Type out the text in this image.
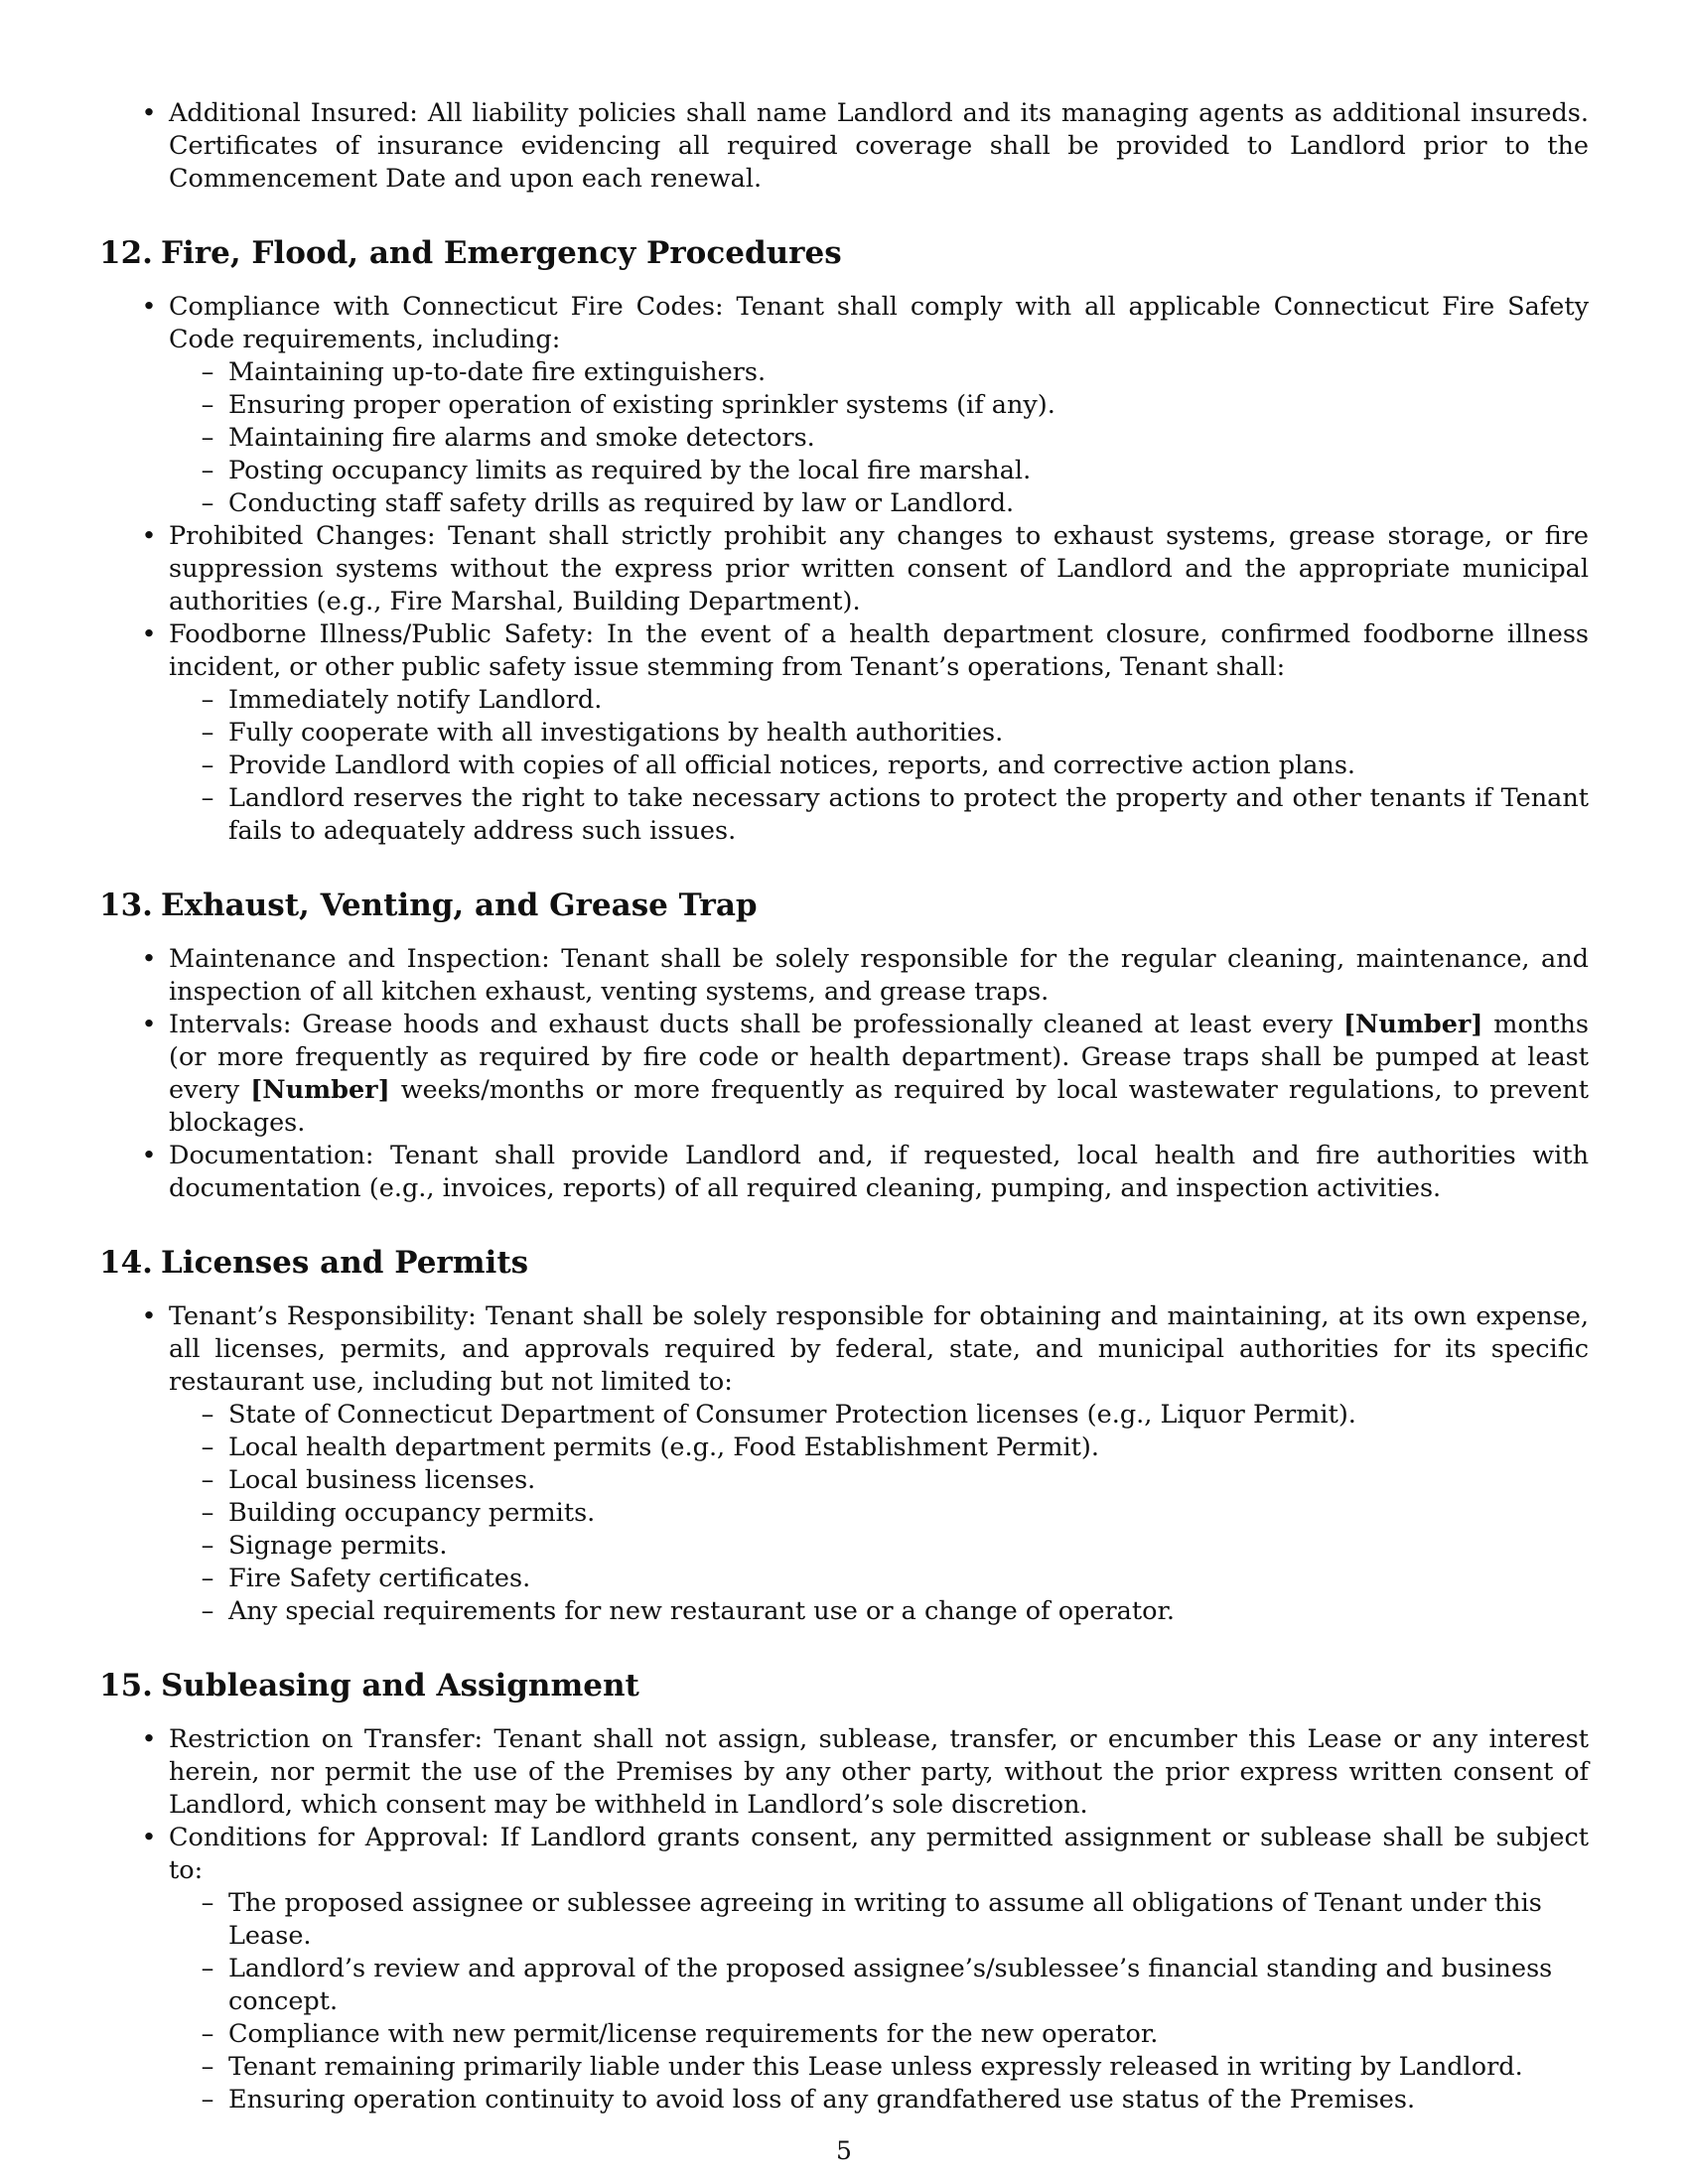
• Additional Insured: All liability policies shall name Landlord and its managing agents as additional insureds. Certificates of insurance evidencing all required coverage shall be provided to Landlord prior to the Commencement Date and upon each renewal.
12. Fire, Flood, and Emergency Procedures
• Compliance with Connecticut Fire Codes: Tenant shall comply with all applicable Connecticut Fire Safety Code requirements, including:
– Maintaining up-to-date fire extinguishers.
– Ensuring proper operation of existing sprinkler systems (if any).
– Maintaining fire alarms and smoke detectors.
– Posting occupancy limits as required by the local fire marshal.
– Conducting staff safety drills as required by law or Landlord.
• Prohibited Changes: Tenant shall strictly prohibit any changes to exhaust systems, grease storage, or fire suppression systems without the express prior written consent of Landlord and the appropriate municipal authorities (e.g., Fire Marshal, Building Department).
• Foodborne Illness/Public Safety: In the event of a health department closure, confirmed foodborne illness incident, or other public safety issue stemming from Tenant’s operations, Tenant shall:
– Immediately notify Landlord.
– Fully cooperate with all investigations by health authorities.
– Provide Landlord with copies of all official notices, reports, and corrective action plans.
– Landlord reserves the right to take necessary actions to protect the property and other tenants if Tenant fails to adequately address such issues.
13. Exhaust, Venting, and Grease Trap
• Maintenance and Inspection: Tenant shall be solely responsible for the regular cleaning, maintenance, and inspection of all kitchen exhaust, venting systems, and grease traps.
• Intervals: Grease hoods and exhaust ducts shall be professionally cleaned at least every [Number] months (or more frequently as required by fire code or health department). Grease traps shall be pumped at least every [Number] weeks/months or more frequently as required by local wastewater regulations, to prevent blockages.
• Documentation: Tenant shall provide Landlord and, if requested, local health and fire authorities with documentation (e.g., invoices, reports) of all required cleaning, pumping, and inspection activities.
14. Licenses and Permits
• Tenant’s Responsibility: Tenant shall be solely responsible for obtaining and maintaining, at its own expense, all licenses, permits, and approvals required by federal, state, and municipal authorities for its specific restaurant use, including but not limited to:
– State of Connecticut Department of Consumer Protection licenses (e.g., Liquor Permit).
– Local health department permits (e.g., Food Establishment Permit).
– Local business licenses.
– Building occupancy permits.
– Signage permits.
– Fire Safety certificates.
– Any special requirements for new restaurant use or a change of operator.
15. Subleasing and Assignment
• Restriction on Transfer: Tenant shall not assign, sublease, transfer, or encumber this Lease or any interest herein, nor permit the use of the Premises by any other party, without the prior express written consent of Landlord, which consent may be withheld in Landlord’s sole discretion.
• Conditions for Approval: If Landlord grants consent, any permitted assignment or sublease shall be subject to:
– The proposed assignee or sublessee agreeing in writing to assume all obligations of Tenant under this Lease.
– Landlord’s review and approval of the proposed assignee’s/sublessee’s financial standing and business concept.
– Compliance with new permit/license requirements for the new operator.
– Tenant remaining primarily liable under this Lease unless expressly released in writing by Landlord.
– Ensuring operation continuity to avoid loss of any grandfathered use status of the Premises.
5
